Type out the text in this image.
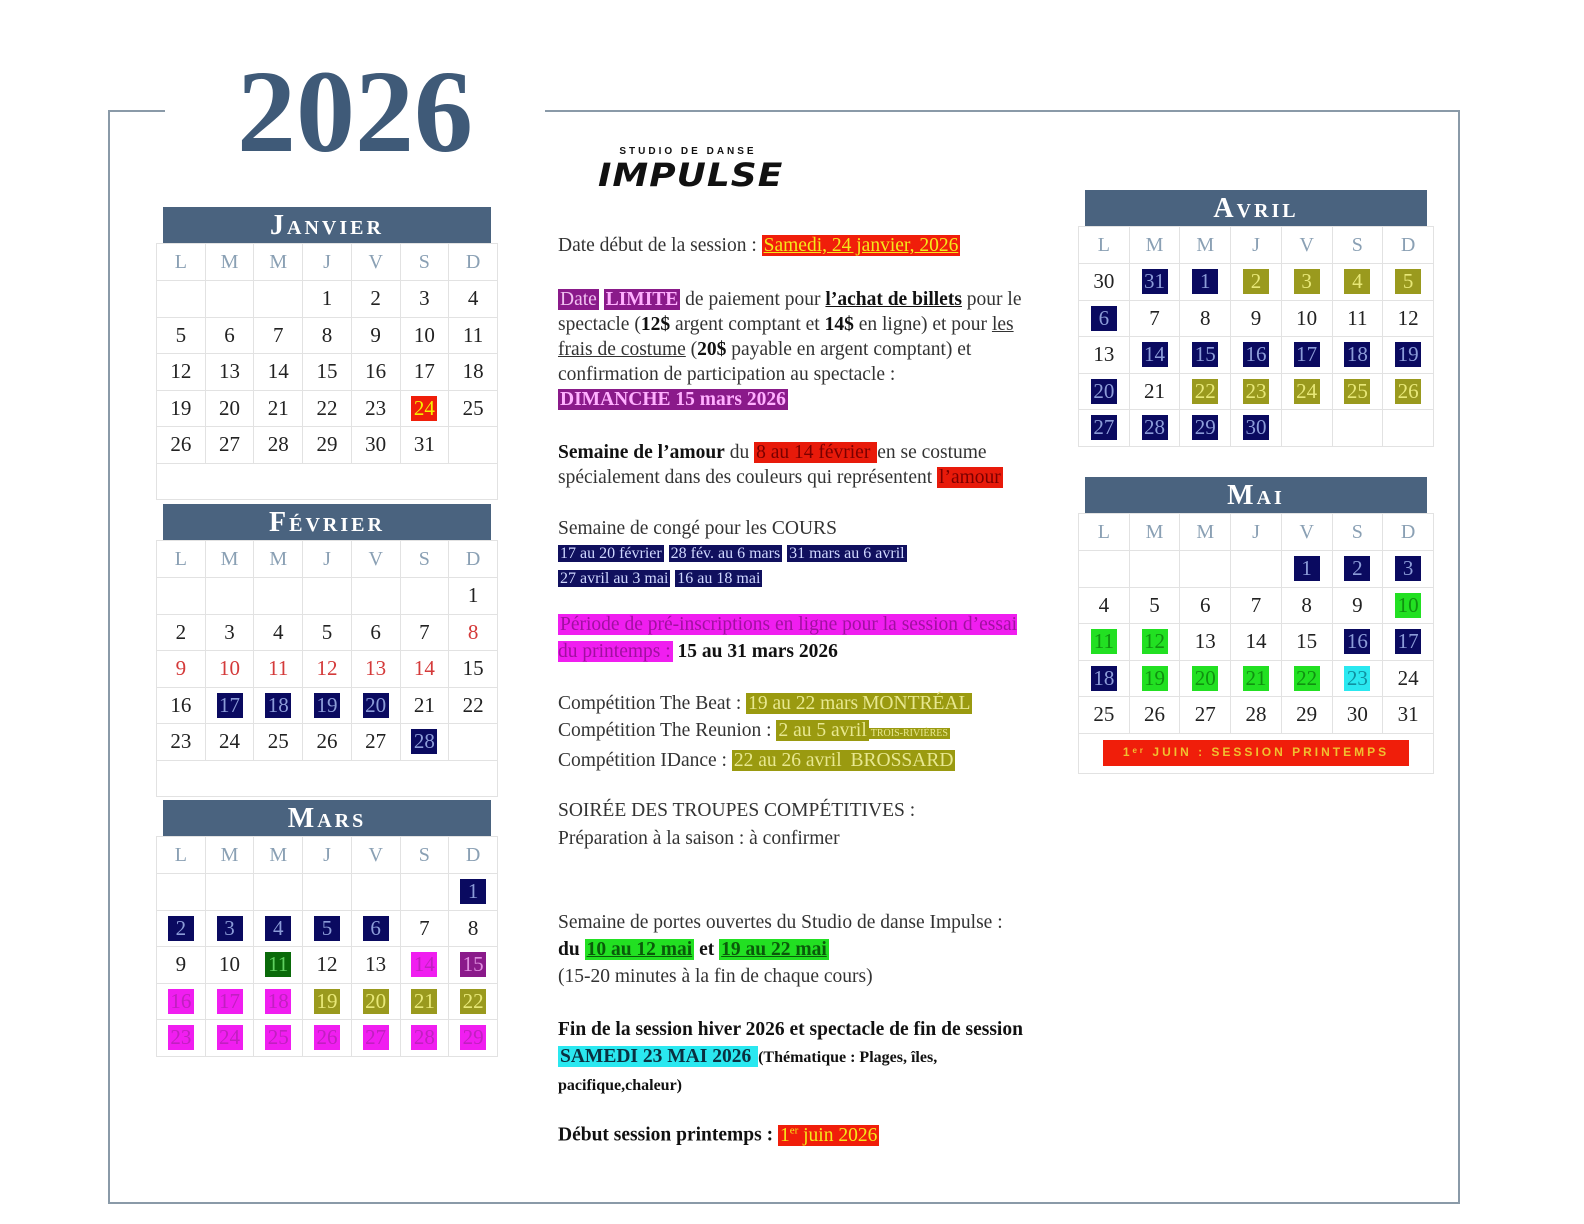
2026	STUDIO DE DANSE
IMPULSE
Janvier
L	M	M	J	V	S	D
			1	2	3	4
5	6	7	8	9	10	11
12	13	14	15	16	17	18
19	20	21	22	23	24	25
26	27	28	29	30	31	
Février
L	M	M	J	V	S	D
						1
2	3	4	5	6	7	8
9	10	11	12	13	14	15
16	17	18	19	20	21	22
23	24	25	26	27	28	
Mars
L	M	M	J	V	S	D
						1
2	3	4	5	6	7	8
9	10	11	12	13	14	15
16	17	18	19	20	21	22
23	24	25	26	27	28	29
Avril
L	M	M	J	V	S	D
30	31	1	2	3	4	5
6	7	8	9	10	11	12
13	14	15	16	17	18	19
20	21	22	23	24	25	26
27	28	29	30			
Mai
L	M	M	J	V	S	D
				1	2	3
4	5	6	7	8	9	10
11	12	13	14	15	16	17
18	19	20	21	22	23	24
25	26	27	28	29	30	31
1ᵉʳ JUIN : SESSION PRINTEMPS
Date début de la session : Samedi, 24 janvier, 2026
Date LIMITE de paiement pour l’achat de billets pour le spectacle (12$ argent comptant et 14$ en ligne) et pour les frais de costume (20$ payable en argent comptant) et confirmation de participation au spectacle :
DIMANCHE 15 mars 2026
Semaine de l’amour du 8 au 14 février en se costume spécialement dans des couleurs qui représentent l’amour
Semaine de congé pour les COURS
17 au 20 février 28 fév. au 6 mars 31 mars au 6 avril
27 avril au 3 mai 16 au 18 mai
Période de pré-inscriptions en ligne pour la session d’essai du printemps : 15 au 31 mars 2026
Compétition The Beat : 19 au 22 mars MONTRÉAL
Compétition The Reunion : 2 au 5 avril TROIS-RIVIÈRES
Compétition IDance : 22 au 26 avril BROSSARD
SOIRÉE DES TROUPES COMPÉTITIVES :
Préparation à la saison : à confirmer
Semaine de portes ouvertes du Studio de danse Impulse : du 10 au 12 mai et 19 au 22 mai
(15-20 minutes à la fin de chaque cours)
Fin de la session hiver 2026 et spectacle de fin de session SAMEDI 23 MAI 2026 (Thématique : Plages, îles, pacifique,chaleur)
Début session printemps : 1er juin 2026
